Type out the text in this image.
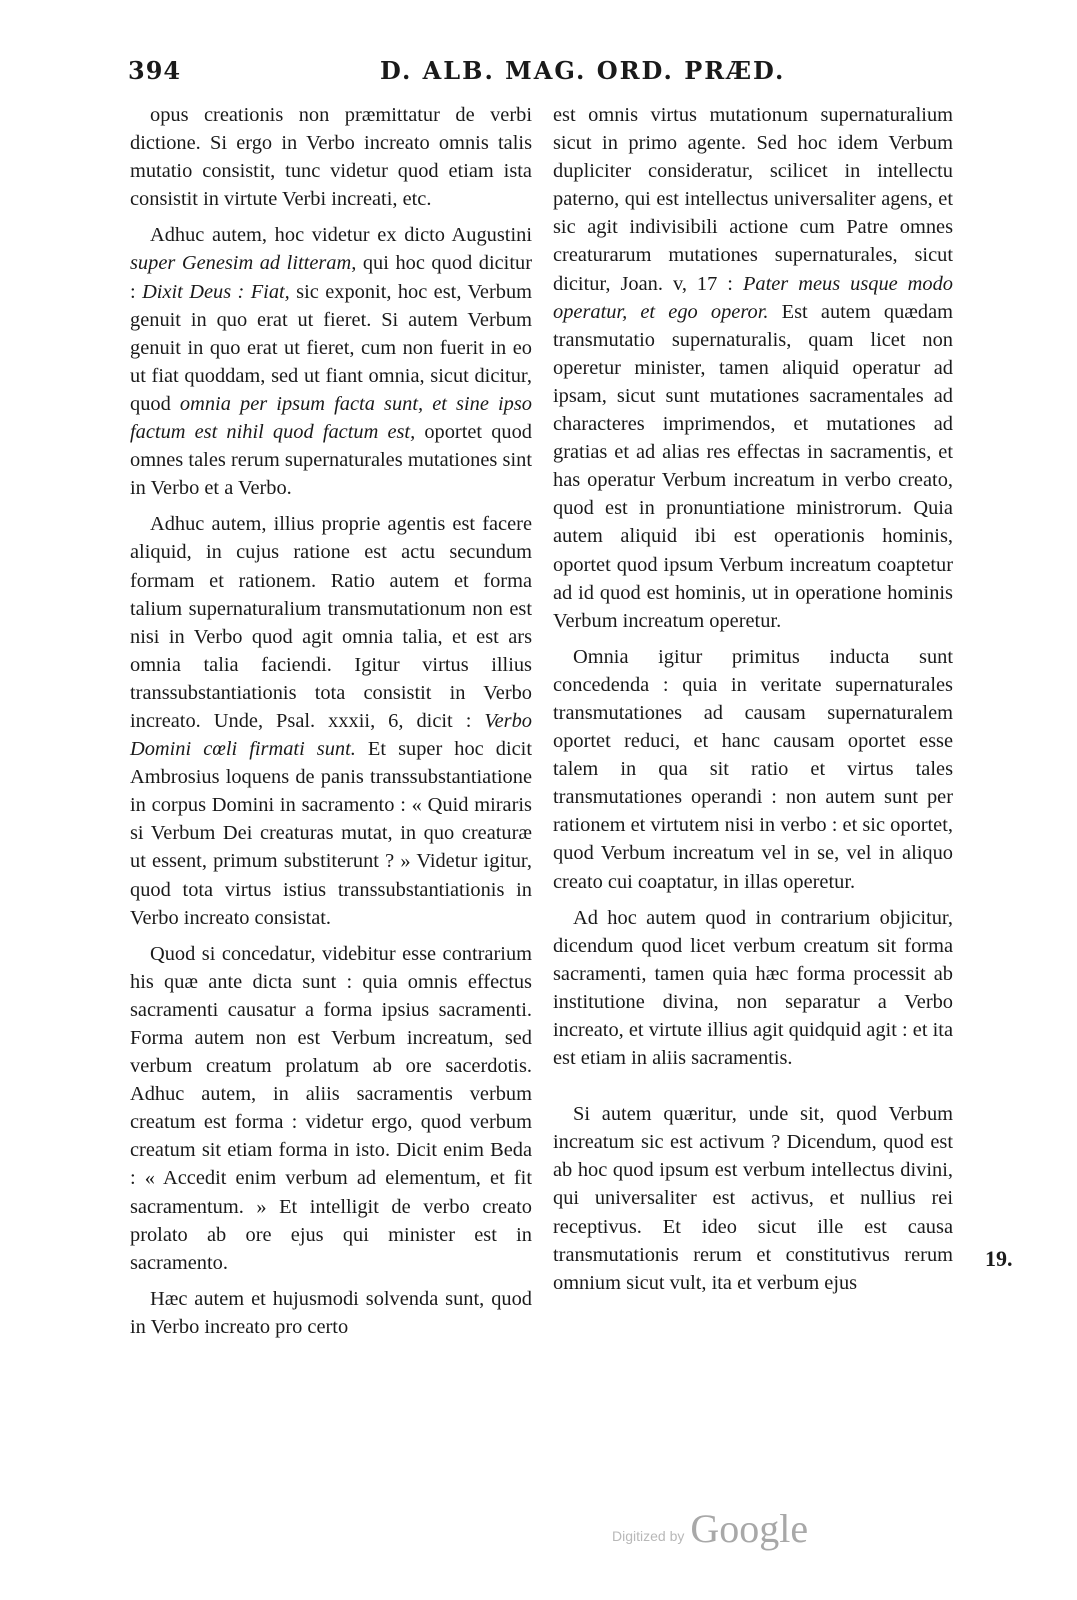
394	D. ALB. MAG. ORD. PRÆD.

opus creationis non præmittatur de verbi dictione. Si ergo in Verbo increato omnis talis mutatio consistit, tunc videtur quod etiam ista consistit in virtute Verbi increati, etc.

Adhuc autem, hoc videtur ex dicto Augustini super Genesim ad litteram, qui hoc quod dicitur : Dixit Deus : Fiat, sic exponit, hoc est, Verbum genuit in quo erat ut fieret. Si autem Verbum genuit in quo erat ut fieret, cum non fuerit in eo ut fiat quoddam, sed ut fiant omnia, sicut dicitur, quod omnia per ipsum facta sunt, et sine ipso factum est nihil quod factum est, oportet quod omnes tales rerum supernaturales mutationes sint in Verbo et a Verbo.

Adhuc autem, illius proprie agentis est facere aliquid, in cujus ratione est actu secundum formam et rationem. Ratio autem et forma talium supernaturalium transmutationum non est nisi in Verbo quod agit omnia talia, et est ars omnia talia faciendi. Igitur virtus illius transsubstantiationis tota consistit in Verbo increato. Unde, Psal. xxxii, 6, dicit : Verbo Domini cœli firmati sunt. Et super hoc dicit Ambrosius loquens de panis transsubstantiatione in corpus Domini in sacramento : « Quid miraris si Verbum Dei creaturas mutat, in quo creaturæ ut essent, primum substiterunt ? » Videtur igitur, quod tota virtus istius transsubstantiationis in Verbo increato consistat.

Quod si concedatur, videbitur esse contrarium his quæ ante dicta sunt : quia omnis effectus sacramenti causatur a forma ipsius sacramenti. Forma autem non est Verbum increatum, sed verbum creatum prolatum ab ore sacerdotis. Adhuc autem, in aliis sacramentis verbum creatum est forma : videtur ergo, quod verbum creatum sit etiam forma in isto. Dicit enim Beda : « Accedit enim verbum ad elementum, et fit sacramentum. » Et intelligit de verbo creato prolato ab ore ejus qui minister est in sacramento.

Hæc autem et hujusmodi solvenda sunt, quod in Verbo increato pro certo

est omnis virtus mutationum supernaturalium sicut in primo agente. Sed hoc idem Verbum dupliciter consideratur, scilicet in intellectu paterno, qui est intellectus universaliter agens, et sic agit indivisibili actione cum Patre omnes creaturarum mutationes supernaturales, sicut dicitur, Joan. v, 17 : Pater meus usque modo operatur, et ego operor. Est autem quædam transmutatio supernaturalis, quam licet non operetur minister, tamen aliquid operatur ad ipsam, sicut sunt mutationes sacramentales ad characteres imprimendos, et mutationes ad gratias et ad alias res effectas in sacramentis, et has operatur Verbum increatum in verbo creato, quod est in pronuntiatione ministrorum. Quia autem aliquid ibi est operationis hominis, oportet quod ipsum Verbum increatum coaptetur ad id quod est hominis, ut in operatione hominis Verbum increatum operetur.

Omnia igitur primitus inducta sunt concedenda : quia in veritate supernaturales transmutationes ad causam supernaturalem oportet reduci, et hanc causam oportet esse talem in qua sit ratio et virtus tales transmutationes operandi : non autem sunt per rationem et virtutem nisi in verbo : et sic oportet, quod Verbum increatum vel in se, vel in aliquo creato cui coaptatur, in illas operetur.

Ad hoc autem quod in contrarium objicitur, dicendum quod licet verbum creatum sit forma sacramenti, tamen quia hæc forma processit ab institutione divina, non separatur a Verbo increato, et virtute illius agit quidquid agit : et ita est etiam in aliis sacramentis.

Si autem quæritur, unde sit, quod Verbum increatum sic est activum ? Dicendum, quod est ab hoc quod ipsum est verbum intellectus divini, qui universaliter est activus, et nullius rei receptivus. Et ideo sicut ille est causa transmutationis rerum et constitutivus rerum omnium sicut vult, ita et verbum ejus

19.
Digitized by Google
